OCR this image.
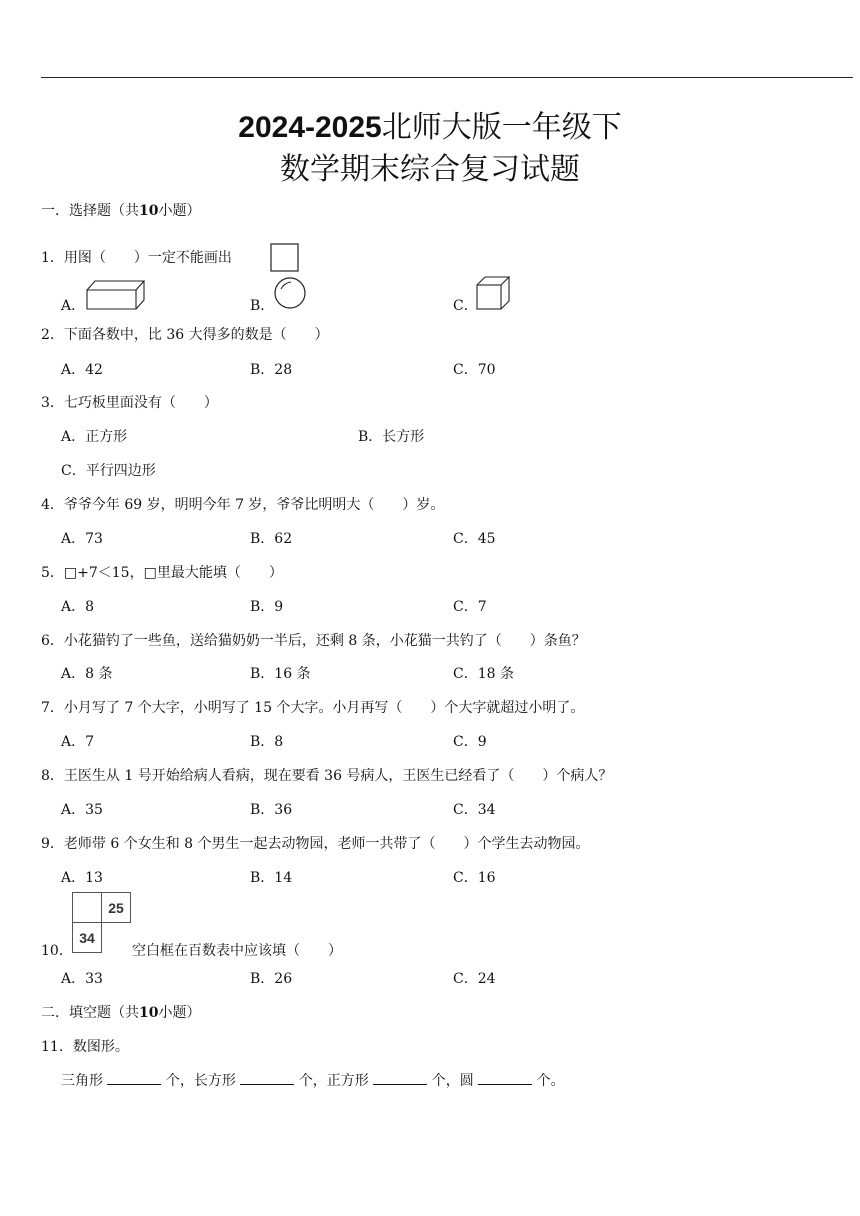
2024-2025北师大版一年级下
数学期末综合复习试题
一．选择题（共10小题）
1．用图（　　）一定不能画出
A．	B．	C．
2．下面各数中，比 36 大得多的数是（　　）
A．42	B．28	C．70
3．七巧板里面没有（　　）
A．正方形	B．长方形
C．平行四边形
4．爷爷今年 69 岁，明明今年 7 岁，爷爷比明明大（　　）岁。
A．73	B．62	C．45
5．□+7＜15，□里最大能填（　　）
A．8	B．9	C．7
6．小花猫钓了一些鱼，送给猫奶奶一半后，还剩 8 条，小花猫一共钓了（　　）条鱼？
A．8 条	B．16 条	C．18 条
7．小月写了 7 个大字，小明写了 15 个大字。小月再写（　　）个大字就超过小明了。
A．7	B．8	C．9
8．王医生从 1 号开始给病人看病，现在要看 36 号病人，王医生已经看了（　　）个病人？
A．35	B．36	C．34
9．老师带 6 个女生和 8 个男生一起去动物园，老师一共带了（　　）个学生去动物园。
A．13	B．14	C．16
25
34
10．	空白框在百数表中应该填（　　）
A．33	B．26	C．24
二．填空题（共10小题）
11．数图形。
三角形	个，长方形	个，正方形	个，圆	个。
